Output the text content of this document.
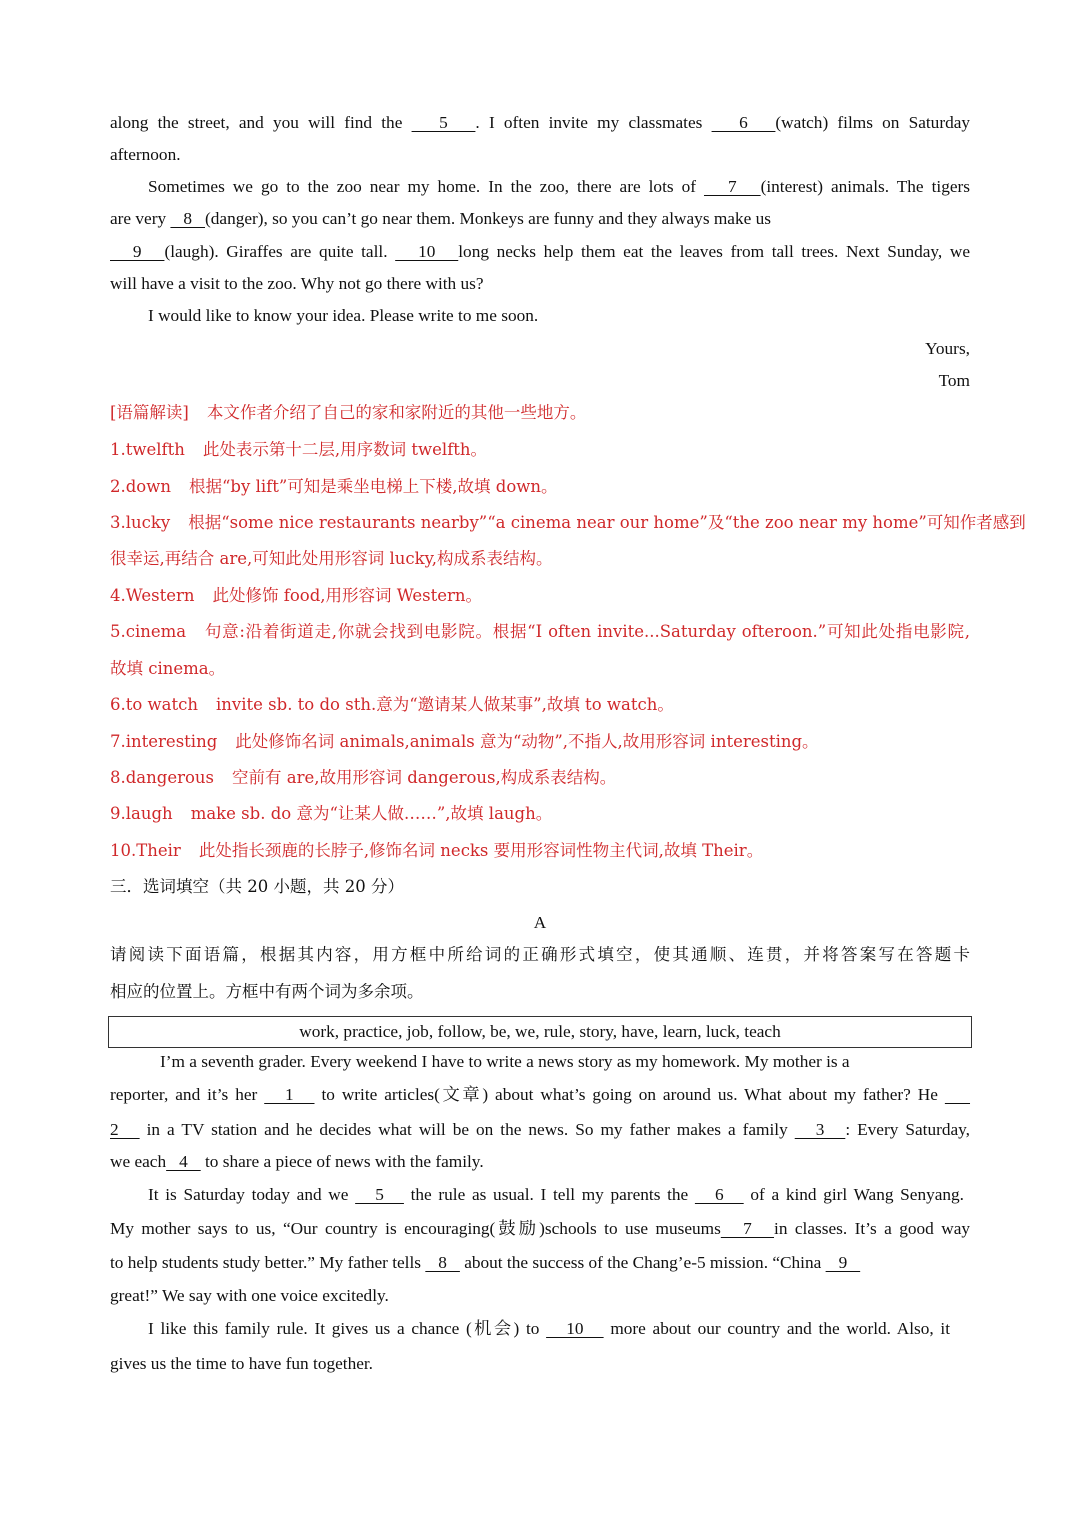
along the street, and you will find the    5   . I often invite my classmates    6   (watch) films on Saturday
afternoon.
Sometimes we go to the zoo near my home. In the zoo, there are lots of    7   (interest) animals. The tigers
are very    8   (danger), so you can’t go near them. Monkeys are funny and they always make us
9   (laugh). Giraffes are quite tall.    10   long necks help them eat the leaves from tall trees. Next Sunday, we
will have a visit to the zoo. Why not go there with us?
I would like to know your idea. Please write to me soon.
Yours,
Tom
[语篇解读] 本文作者介绍了自己的家和家附近的其他一些地方。
1.twelfth 此处表示第十二层,用序数词 twelfth。
2.down 根据“by lift”可知是乘坐电梯上下楼,故填 down。
3.lucky 根据“some nice restaurants nearby”“a cinema near our home”及“the zoo near my home”可知作者感到
很幸运,再结合 are,可知此处用形容词 lucky,构成系表结构。
4.Western 此处修饰 food,用形容词 Western。
5.cinema 句意:沿着街道走,你就会找到电影院。根据“I often invite...Saturday ofteroon.”可知此处指电影院,
故填 cinema。
6.to watch invite sb. to do sth.意为“邀请某人做某事”,故填 to watch。
7.interesting 此处修饰名词 animals,animals 意为“动物”,不指人,故用形容词 interesting。
8.dangerous 空前有 are,故用形容词 dangerous,构成系表结构。
9.laugh make sb. do 意为“让某人做……”,故填 laugh。
10.Their 此处指长颈鹿的长脖子,修饰名词 necks 要用形容词性物主代词,故填 Their。
三．选词填空（共 20 小题，共 20 分）
A
请阅读下面语篇，根据其内容，用方框中所给词的正确形式填空，使其通顺、连贯，并将答案写在答题卡
相应的位置上。方框中有两个词为多余项。
work, practice, job, follow, be, we, rule, story, have, learn, luck, teach
I’m a seventh grader. Every weekend I have to write a news story as my homework. My mother is a
reporter, and it’s her    1    to write articles(文章) about what’s going on around us. What about my father? He
2    in a TV station and he decides what will be on the news. So my father makes a family    3   : Every Saturday,
we each   4    to share a piece of news with the family.
It is Saturday today and we    5    the rule as usual. I tell my parents the    6    of a kind girl Wang Senyang.
My mother says to us, “Our country is encouraging(鼓励)schools to use museums   7   in classes. It’s a good way
to help students study better.” My father tells    8    about the success of the Chang’e-5 mission. “China    9
great!” We say with one voice excitedly.
I like this family rule. It gives us a chance (机会) to    10    more about our country and the world. Also, it
gives us the time to have fun together.
